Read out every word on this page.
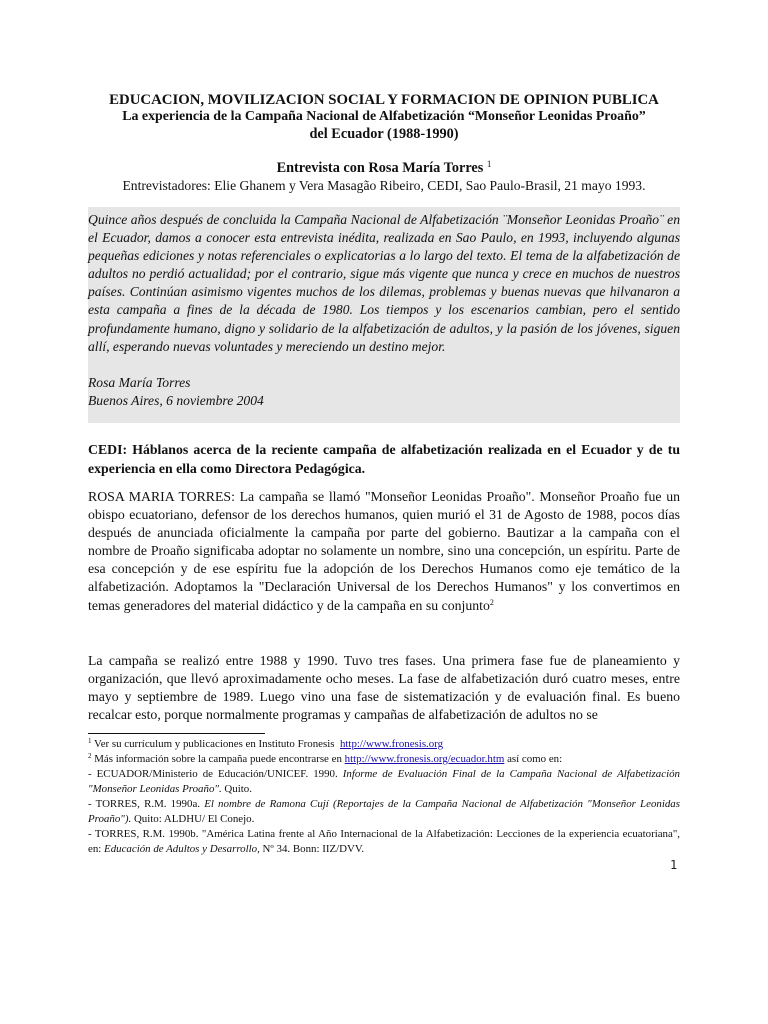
EDUCACION, MOVILIZACION SOCIAL Y FORMACION DE OPINION PUBLICA
La experiencia de la Campaña Nacional de Alfabetización “Monseñor Leonidas Proaño”
del Ecuador (1988-1990)
Entrevista con Rosa María Torres $^1$
Entrevistadores: Elie Ghanem y Vera Masagão Ribeiro, CEDI, Sao Paulo-Brasil, 21 mayo 1993.

Quince años después de concluida la Campaña Nacional de Alfabetización ¨Monseñor Leonidas Proaño¨ en el Ecuador, damos a conocer esta entrevista inédita, realizada en Sao Paulo, en 1993, incluyendo algunas pequeñas ediciones y notas referenciales o explicatorias a lo largo del texto. El tema de la alfabetización de adultos no perdió actualidad; por el contrario, sigue más vigente que nunca y crece en muchos de nuestros países. Continúan asimismo vigentes muchos de los dilemas, problemas y buenas nuevas que hilvanaron a esta campaña a fines de la década de 1980. Los tiempos y los escenarios cambian, pero el sentido profundamente humano, digno y solidario de la alfabetización de adultos, y la pasión de los jóvenes, siguen allí, esperando nuevas voluntades y mereciendo un destino mejor.

Rosa María Torres

Buenos Aires, 6 noviembre 2004

CEDI: Háblanos acerca de la reciente campaña de alfabetización realizada en el Ecuador y de tu experiencia en ella como Directora Pedagógica.

ROSA MARIA TORRES: La campaña se llamó "Monseñor Leonidas Proaño". Monseñor Proaño fue un obispo ecuatoriano, defensor de los derechos humanos, quien murió el 31 de Agosto de 1988, pocos días después de anunciada oficialmente la campaña por parte del gobierno. Bautizar a la campaña con el nombre de Proaño significaba adoptar no solamente un nombre, sino una concepción, un espíritu. Parte de esa concepción y de ese espíritu fue la adopción de los Derechos Humanos como eje temático de la alfabetización. Adoptamos la "Declaración Universal de los Derechos Humanos" y los convertimos en temas generadores del material didáctico y de la campaña en su conjunto$^2$

La campaña se realizó entre 1988 y 1990. Tuvo tres fases. Una primera fase fue de planeamiento y organización, que llevó aproximadamente ocho meses. La fase de alfabetización duró cuatro meses, entre mayo y septiembre de 1989. Luego vino una fase de sistematización y de evaluación final. Es bueno recalcar esto, porque normalmente programas y campañas de alfabetización de adultos no se

$^1$ Ver su currículum y publicaciones en Instituto Fronesis http://www.fronesis.org

$^2$ Más información sobre la campaña puede encontrarse en http://www.fronesis.org/ecuador.htm así como en:

- ECUADOR/Ministerio de Educación/UNICEF. 1990. Informe de Evaluación Final de la Campaña Nacional de Alfabetización "Monseñor Leonidas Proaño". Quito.

- TORRES, R.M. 1990a. El nombre de Ramona Cují (Reportajes de la Campaña Nacional de Alfabetización "Monseñor Leonidas Proaño"). Quito: ALDHU/ El Conejo.

- TORRES, R.M. 1990b. "América Latina frente al Año Internacional de la Alfabetización: Lecciones de la experiencia ecuatoriana", en: Educación de Adultos y Desarrollo, Nº 34. Bonn: IIZ/DVV.

1
